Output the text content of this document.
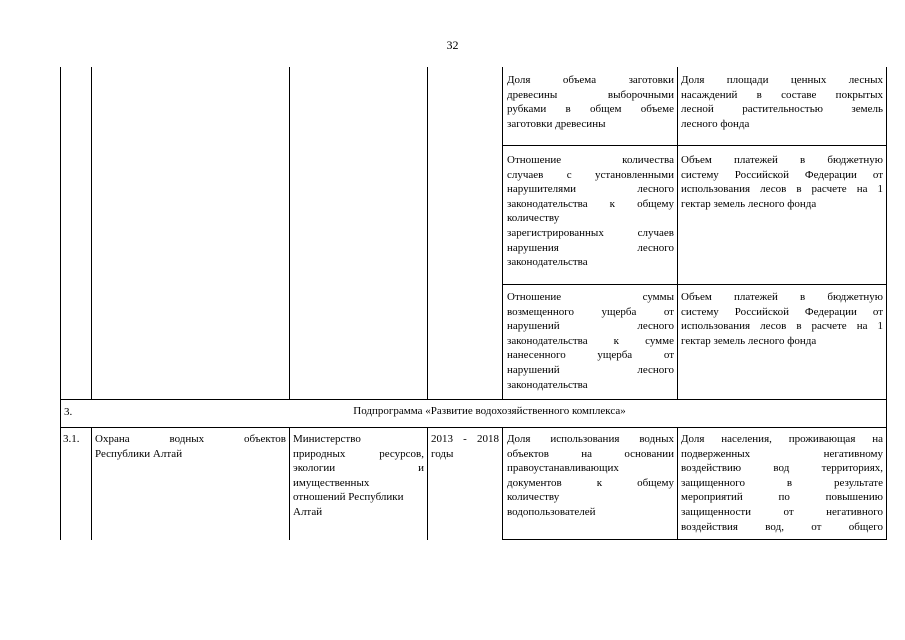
32
Доля объема заготовки
древесины выборочными
рубками в общем объеме
заготовки древесины
Доля площади ценных лесных
насаждений в составе покрытых
лесной растительностью земель
лесного фонда
Отношение количества
случаев с установленными
нарушителями лесного
законодательства к общему
количеству
зарегистрированных случаев
нарушения лесного
законодательства
Объем платежей в бюджетную
систему Российской Федерации от
использования лесов в расчете на 1
гектар земель лесного фонда
Отношение суммы
возмещенного ущерба от
нарушений лесного
законодательства к сумме
нанесенного ущерба от
нарушений лесного
законодательства
Объем платежей в бюджетную
систему Российской Федерации от
использования лесов в расчете на 1
гектар земель лесного фонда
3.	Подпрограмма «Развитие водохозяйственного комплекса»
3.1.	Охрана водных объектов
Республики Алтай
Министерство
природных ресурсов,
экологии и
имущественных
отношений Республики
Алтай
2013 - 2018
годы
Доля использования водных
объектов на основании
правоустанавливающих
документов к общему
количеству
водопользователей
Доля населения, проживающая на
подверженных негативному
воздействию вод территориях,
защищенного в результате
мероприятий по повышению
защищенности от негативного
воздействия вод, от общего
